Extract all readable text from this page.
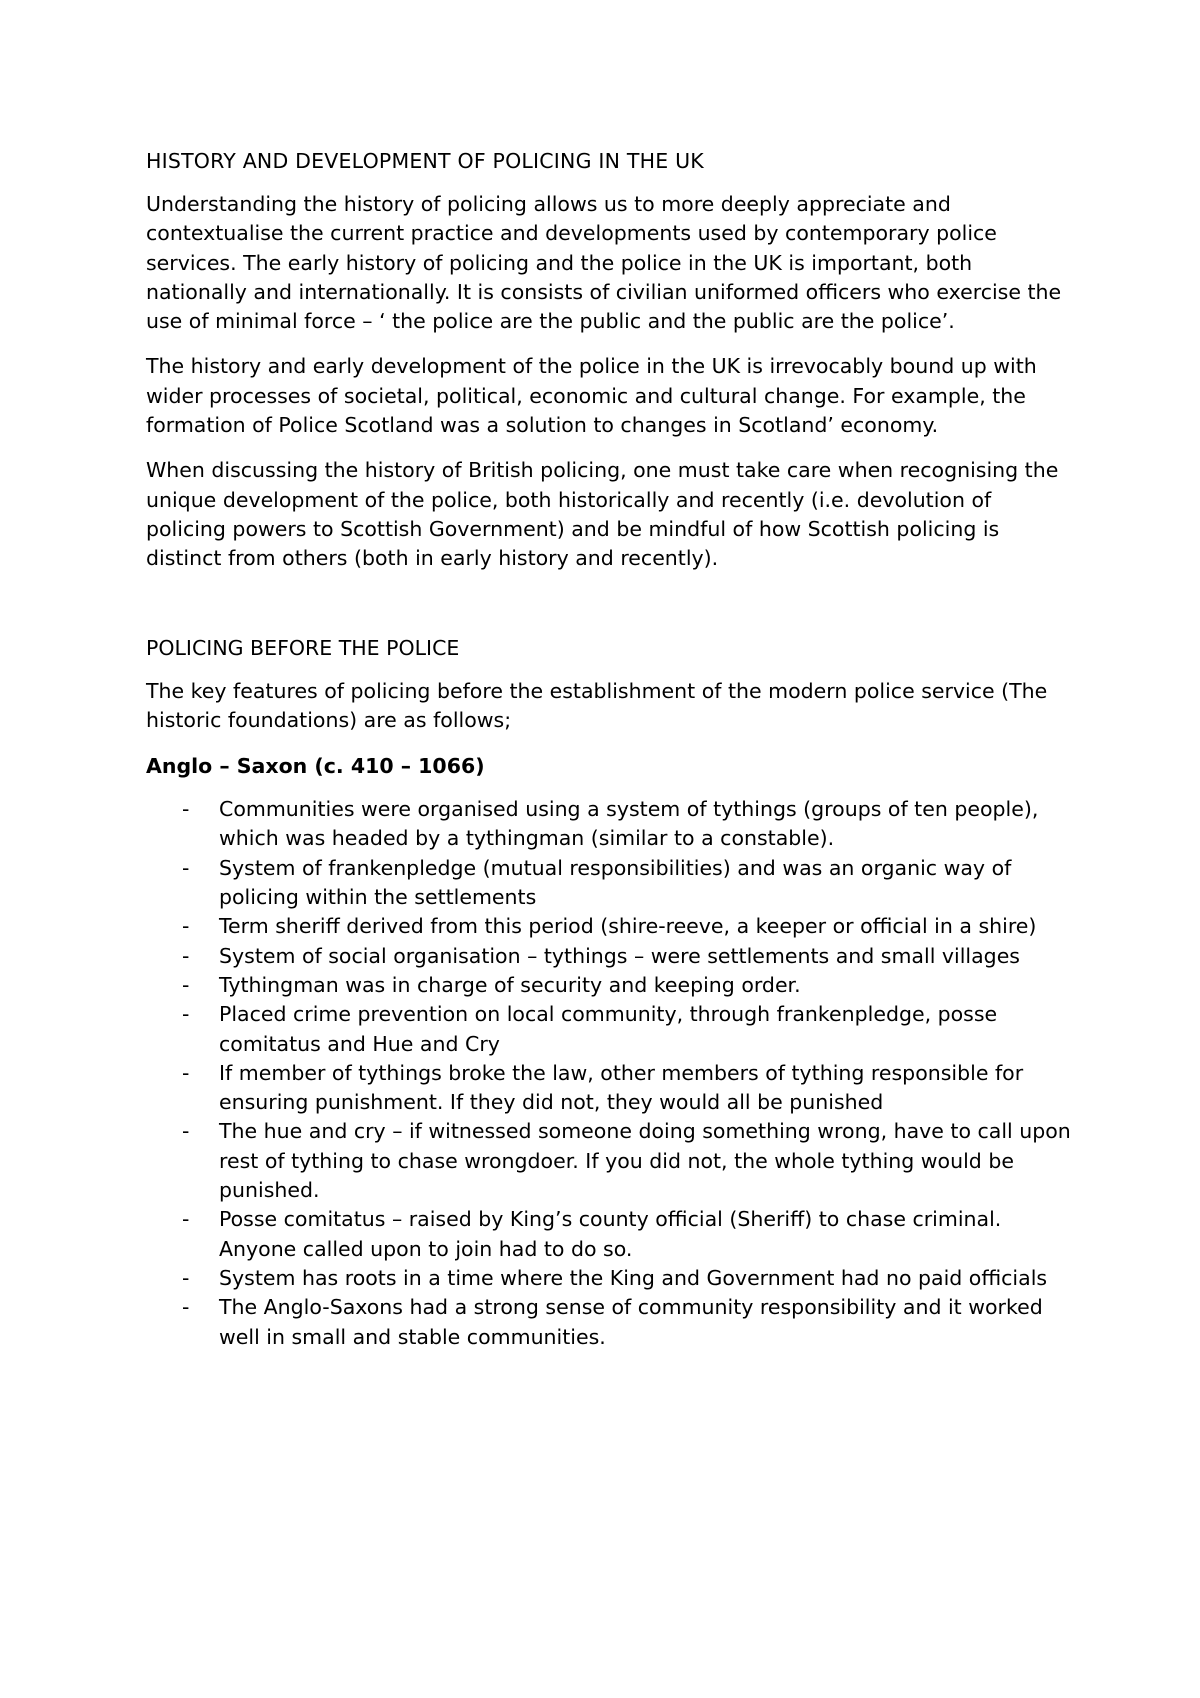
HISTORY AND DEVELOPMENT OF POLICING IN THE UK

Understanding the history of policing allows us to more deeply appreciate and contextualise the current practice and developments used by contemporary police services. The early history of policing and the police in the UK is important, both nationally and internationally. It is consists of civilian uniformed officers who exercise the use of minimal force – ‘ the police are the public and the public are the police’.

The history and early development of the police in the UK is irrevocably bound up with wider processes of societal, political, economic and cultural change. For example, the formation of Police Scotland was a solution to changes in Scotland’ economy.

When discussing the history of British policing, one must take care when recognising the unique development of the police, both historically and recently (i.e. devolution of policing powers to Scottish Government) and be mindful of how Scottish policing is distinct from others (both in early history and recently).

POLICING BEFORE THE POLICE

The key features of policing before the establishment of the modern police service (The historic foundations) are as follows;

Anglo – Saxon (c. 410 – 1066)
- Communities were organised using a system of tythings (groups of ten people), which was headed by a tythingman (similar to a constable).
- System of frankenpledge (mutual responsibilities) and was an organic way of policing within the settlements
- Term sheriff derived from this period (shire-reeve, a keeper or official in a shire)
- System of social organisation – tythings – were settlements and small villages
- Tythingman was in charge of security and keeping order.
- Placed crime prevention on local community, through frankenpledge, posse comitatus and Hue and Cry
- If member of tythings broke the law, other members of tything responsible for ensuring punishment. If they did not, they would all be punished
- The hue and cry – if witnessed someone doing something wrong, have to call upon rest of tything to chase wrongdoer. If you did not, the whole tything would be punished.
- Posse comitatus – raised by King’s county official (Sheriff) to chase criminal. Anyone called upon to join had to do so.
- System has roots in a time where the King and Government had no paid officials
- The Anglo-Saxons had a strong sense of community responsibility and it worked well in small and stable communities.
